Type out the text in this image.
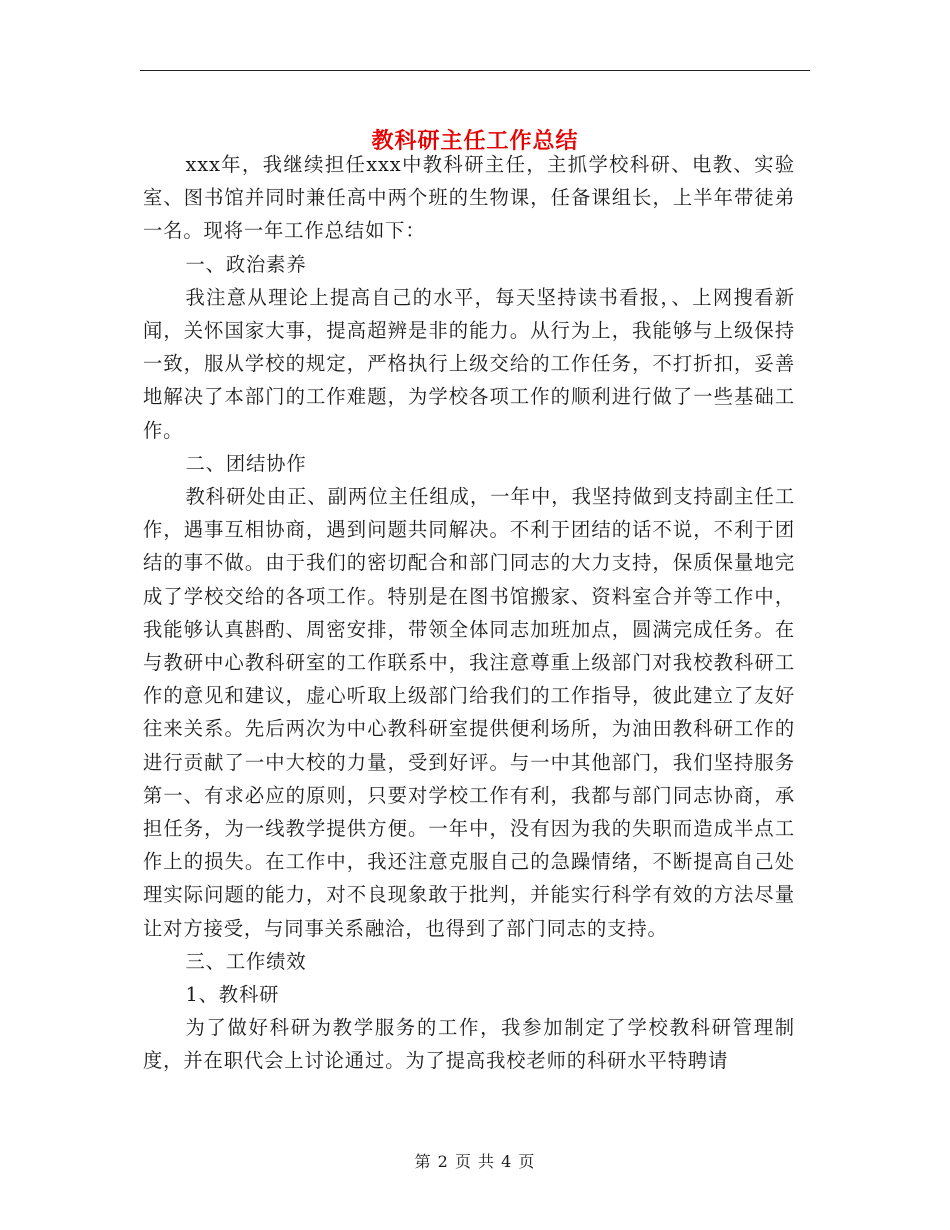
教科研主任工作总结

xxx年，我继续担任xxx中教科研主任，主抓学校科研、电教、实验室、图书馆并同时兼任高中两个班的生物课，任备课组长，上半年带徒弟一名。现将一年工作总结如下：

一、政治素养

我注意从理论上提高自己的水平，每天坚持读书看报，、上网搜看新闻，关怀国家大事，提高超辨是非的能力。从行为上，我能够与上级保持一致，服从学校的规定，严格执行上级交给的工作任务，不打折扣，妥善地解决了本部门的工作难题，为学校各项工作的顺利进行做了一些基础工作。

二、团结协作

教科研处由正、副两位主任组成，一年中，我坚持做到支持副主任工作，遇事互相协商，遇到问题共同解决。不利于团结的话不说，不利于团结的事不做。由于我们的密切配合和部门同志的大力支持，保质保量地完成了学校交给的各项工作。特别是在图书馆搬家、资料室合并等工作中，我能够认真斟酌、周密安排，带领全体同志加班加点，圆满完成任务。在与教研中心教科研室的工作联系中，我注意尊重上级部门对我校教科研工作的意见和建议，虚心听取上级部门给我们的工作指导，彼此建立了友好往来关系。先后两次为中心教科研室提供便利场所，为油田教科研工作的进行贡献了一中大校的力量，受到好评。与一中其他部门，我们坚持服务第一、有求必应的原则，只要对学校工作有利，我都与部门同志协商，承担任务，为一线教学提供方便。一年中，没有因为我的失职而造成半点工作上的损失。在工作中，我还注意克服自己的急躁情绪，不断提高自己处理实际问题的能力，对不良现象敢于批判，并能实行科学有效的方法尽量让对方接受，与同事关系融洽，也得到了部门同志的支持。

三、工作绩效

1、教科研

为了做好科研为教学服务的工作，我参加制定了学校教科研管理制度，并在职代会上讨论通过。为了提高我校老师的科研水平特聘请

第 2 页 共 4 页
